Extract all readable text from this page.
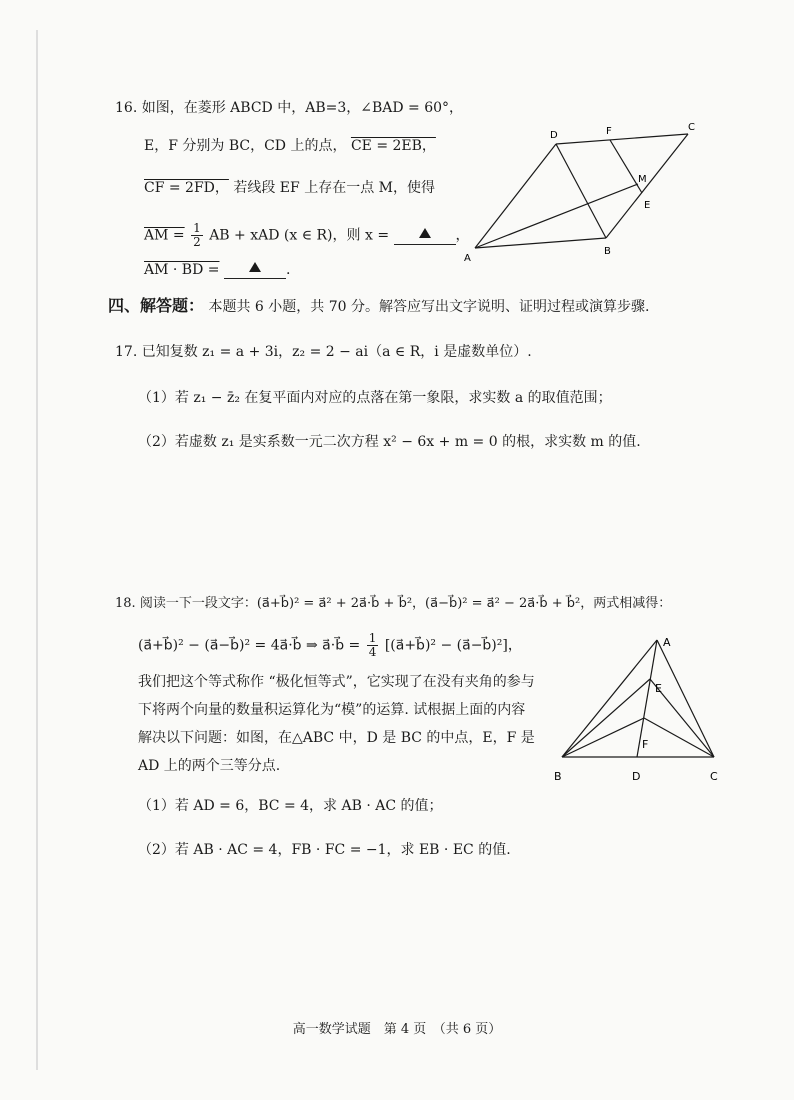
16. 如图，在菱形 ABCD 中，AB=3，∠BAD = 60°，
E，F 分别为 BC，CD 上的点， CE = 2EB，
CF = 2FD， 若线段 EF 上存在一点 M，使得
AM = $\frac{1}{2}$ AB + xAD (x ∈ R)，则 x =	，
AM · BD =	.
A
B
C
D
E
F
M
四、解答题： 本题共 6 小题，共 70 分。解答应写出文字说明、证明过程或演算步骤.
17. 已知复数 z₁ = a + 3i，z₂ = 2 − ai（a ∈ R，i 是虚数单位）.
（1）若 z₁ − z̄₂ 在复平面内对应的点落在第一象限，求实数 a 的取值范围；
（2）若虚数 z₁ 是实系数一元二次方程 x² − 6x + m = 0 的根，求实数 m 的值.
18. 阅读一下一段文字：(a⃗+b⃗)² = a⃗² + 2a⃗·b⃗ + b⃗²，(a⃗−b⃗)² = a⃗² − 2a⃗·b⃗ + b⃗²，两式相减得：
(a⃗+b⃗)² − (a⃗−b⃗)² = 4a⃗·b⃗ ⇒ a⃗·b⃗ = $\frac{1}{4}$ [(a⃗+b⃗)² − (a⃗−b⃗)²]，
我们把这个等式称作 “极化恒等式”，它实现了在没有夹角的参与下将两个向量的数量积运算化为“模”的运算. 试根据上面的内容解决以下问题：如图，在△ABC 中，D 是 BC 的中点，E，F 是 AD 上的两个三等分点.
（1）若 AD = 6，BC = 4，求 AB · AC 的值；
（2）若 AB · AC = 4，FB · FC = −1，求 EB · EC 的值.
A
B	C
D
E
F
高一数学试题　第 4 页　（共 6 页）
